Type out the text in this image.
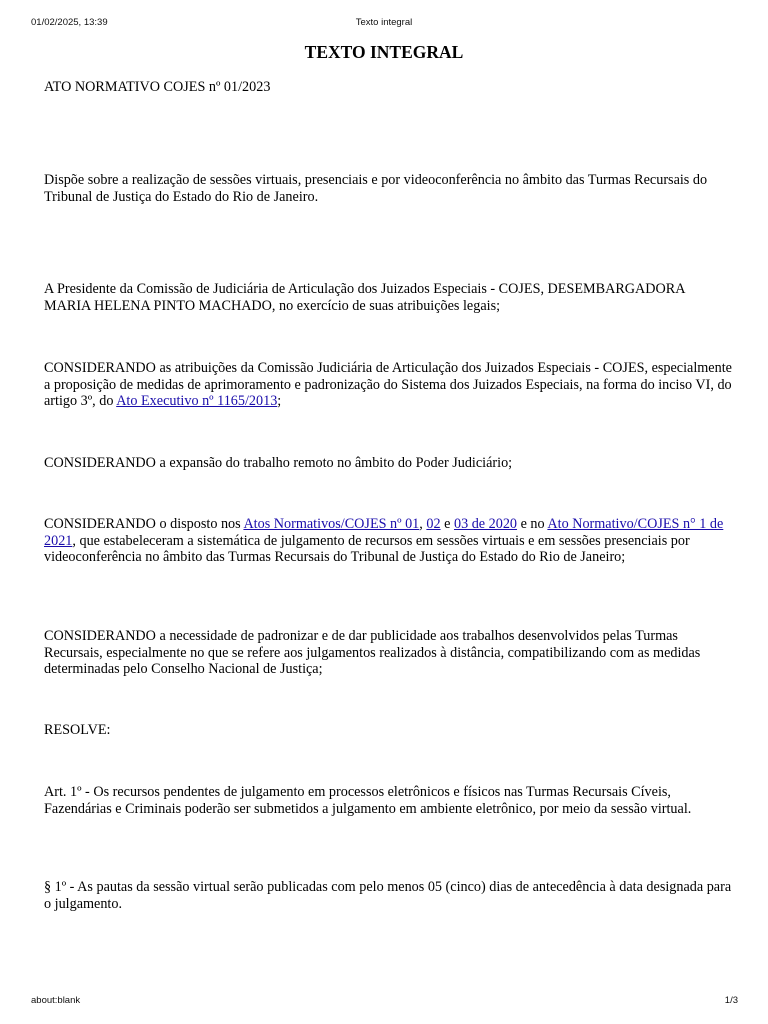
01/02/2025, 13:39	Texto integral
TEXTO INTEGRAL

ATO NORMATIVO COJES nº 01/2023

Dispõe sobre a realização de sessões virtuais, presenciais e por videoconferência no âmbito das Turmas Recursais do Tribunal de Justiça do Estado do Rio de Janeiro.

A Presidente da Comissão de Judiciária de Articulação dos Juizados Especiais - COJES, DESEMBARGADORA MARIA HELENA PINTO MACHADO, no exercício de suas atribuições legais;

CONSIDERANDO as atribuições da Comissão Judiciária de Articulação dos Juizados Especiais - COJES, especialmente a proposição de medidas de aprimoramento e padronização do Sistema dos Juizados Especiais, na forma do inciso VI, do artigo 3º, do Ato Executivo nº 1165/2013;

CONSIDERANDO a expansão do trabalho remoto no âmbito do Poder Judiciário;

CONSIDERANDO o disposto nos Atos Normativos/COJES nº 01, 02 e 03 de 2020 e no Ato Normativo/COJES n° 1 de 2021, que estabeleceram a sistemática de julgamento de recursos em sessões virtuais e em sessões presenciais por videoconferência no âmbito das Turmas Recursais do Tribunal de Justiça do Estado do Rio de Janeiro;

CONSIDERANDO a necessidade de padronizar e de dar publicidade aos trabalhos desenvolvidos pelas Turmas Recursais, especialmente no que se refere aos julgamentos realizados à distância, compatibilizando com as medidas determinadas pelo Conselho Nacional de Justiça;

RESOLVE:

Art. 1º - Os recursos pendentes de julgamento em processos eletrônicos e físicos nas Turmas Recursais Cíveis, Fazendárias e Criminais poderão ser submetidos a julgamento em ambiente eletrônico, por meio da sessão virtual.

§ 1º - As pautas da sessão virtual serão publicadas com pelo menos 05 (cinco) dias de antecedência à data designada para o julgamento.

about:blank	1/3
